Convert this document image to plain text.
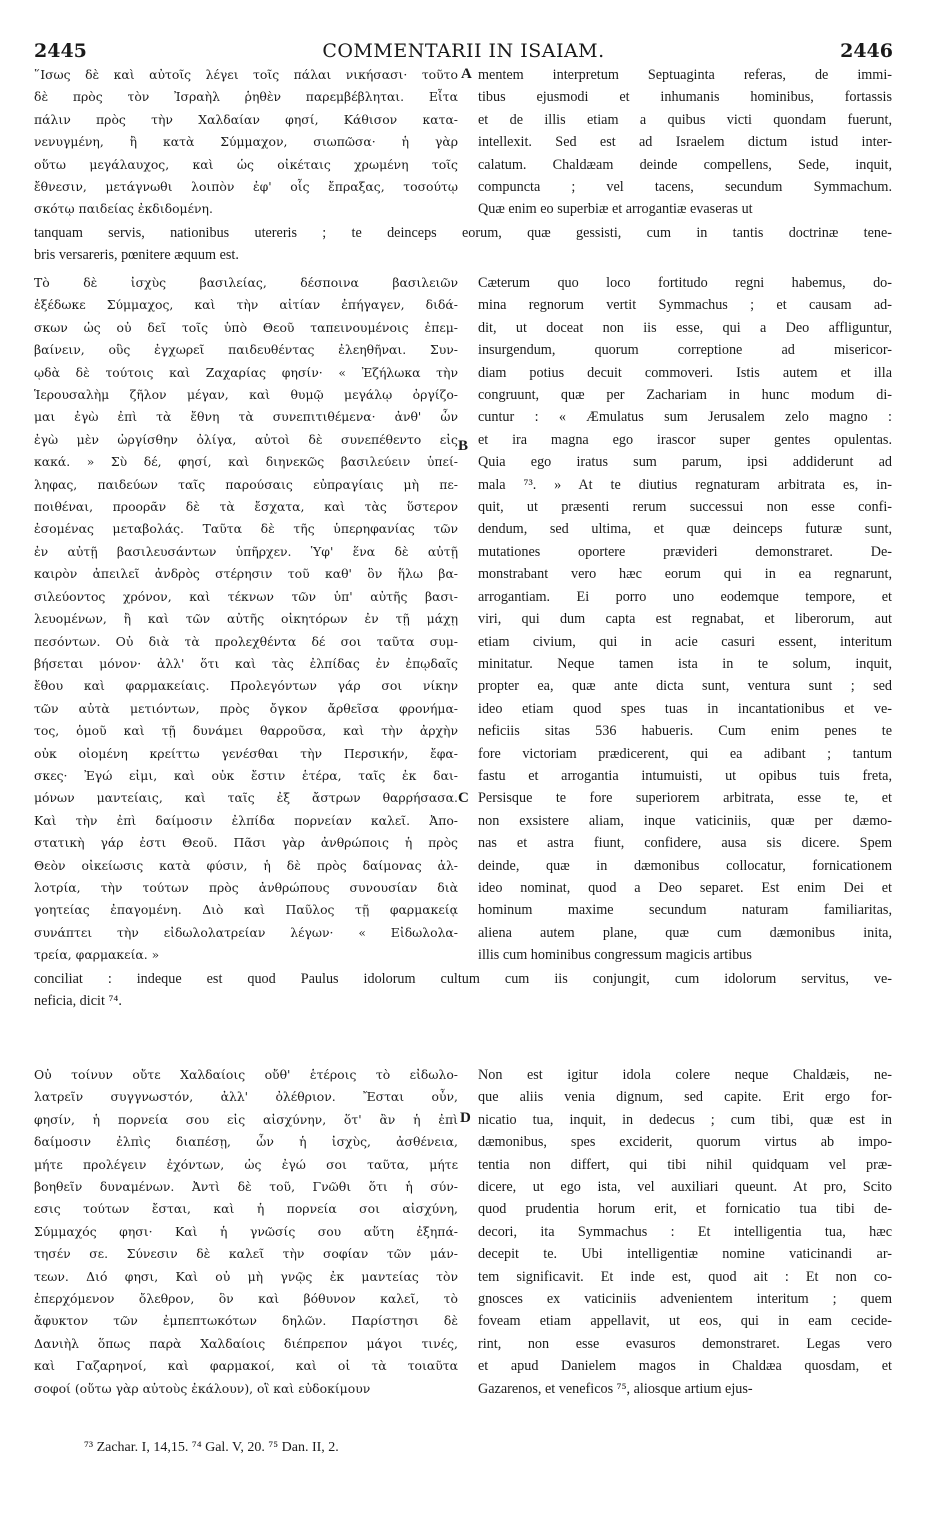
2445	COMMENTARII IN ISAIAM.	2446
῞Ισως δὲ καὶ αὐτοῖς λέγει τοῖς πάλαι νικήσασι· τοῦτο
δὲ πρὸς τὸν Ἰσραὴλ ῥηθὲν παρεμβέβληται. Εἶτα
πάλιν πρὸς τὴν Χαλδαίαν φησί, Κάθισον κατα-
νενυγμένη, ἢ κατὰ Σύμμαχον, σιωπῶσα· ἡ γὰρ
οὕτω μεγάλαυχος, καὶ ὡς οἰκέταις χρωμένη τοῖς
ἔθνεσιν, μετάγνωθι λοιπὸν ἐφ' οἷς ἔπραξας, τοσούτῳ
σκότῳ παιδείας ἐκδιδομένη.
mentem interpretum Septuaginta referas, de immi-
tibus ejusmodi et inhumanis hominibus, fortassis
et de illis etiam a quibus victi quondam fuerunt,
intellexit. Sed est ad Israelem dictum istud inter-
calatum. Chaldæam deinde compellens, Sede, inquit,
compuncta ; vel tacens, secundum Symmachum.
Quæ enim eo superbiæ et arrogantiæ evaseras ut
tanquam servis, nationibus utereris ; te deinceps eorum, quæ gessisti, cum in tantis doctrinæ tene-
bris versareris, pœnitere æquum est.
Τὸ δὲ ἰσχὺς βασιλείας, δέσποινα βασιλειῶν
ἐξέδωκε Σύμμαχος, καὶ τὴν αἰτίαν ἐπήγαγεν, διδά-
σκων ὡς οὐ δεῖ τοῖς ὑπὸ Θεοῦ ταπεινουμένοις ἐπεμ-
βαίνειν, οὓς ἐγχωρεῖ παιδευθέντας ἐλεηθῆναι. Συν-
ῳδὰ δὲ τούτοις καὶ Ζαχαρίας φησίν· « Ἐζήλωκα τὴν
Ἱερουσαλὴμ ζῆλον μέγαν, καὶ θυμῷ μεγάλῳ ὀργίζο-
μαι ἐγὼ ἐπὶ τὰ ἔθνη τὰ συνεπιτιθέμενα· ἀνθ' ὧν
ἐγὼ μὲν ὠργίσθην ὀλίγα, αὐτοὶ δὲ συνεπέθεντο εἰς
κακά. » Σὺ δέ, φησί, καὶ διηνεκῶς βασιλεύειν ὑπεί-
ληφας, παιδεύων ταῖς παρούσαις εὐπραγίαις μὴ πε-
ποιθέναι, προορᾶν δὲ τὰ ἔσχατα, καὶ τὰς ὕστερον
ἐσομένας μεταβολάς. Ταῦτα δὲ τῆς ὑπερηφανίας τῶν
ἐν αὐτῇ βασιλευσάντων ὑπῆρχεν. Ὑφ' ἕνα δὲ αὐτῇ
καιρὸν ἀπειλεῖ ἀνδρὸς στέρησιν τοῦ καθ' ὃν ἥλω βα-
σιλεύοντος χρόνον, καὶ τέκνων τῶν ὑπ' αὐτῆς βασι-
λευομένων, ἢ καὶ τῶν αὐτῆς οἰκητόρων ἐν τῇ μάχῃ
πεσόντων. Οὐ διὰ τὰ προλεχθέντα δέ σοι ταῦτα συμ-
βήσεται μόνον· ἀλλ' ὅτι καὶ τὰς ἐλπίδας ἐν ἐπῳδαῖς
ἔθου καὶ φαρμακείαις. Προλεγόντων γάρ σοι νίκην
τῶν αὐτὰ μετιόντων, πρὸς ὄγκον ἄρθεῖσα φρονήμα-
τος, ὁμοῦ καὶ τῇ δυνάμει θαρροῦσα, καὶ τὴν ἀρχὴν
οὐκ οἰομένη κρείττω γενέσθαι τὴν Περσικήν, ἔφα-
σκες· Ἐγώ εἰμι, καὶ οὐκ ἔστιν ἑτέρα, ταῖς ἐκ δαι-
μόνων μαντείαις, καὶ ταῖς ἐξ ἄστρων θαρρήσασα.
Καὶ τὴν ἐπὶ δαίμοσιν ἐλπίδα πορνείαν καλεῖ. Ἀπο-
στατικὴ γάρ ἐστι Θεοῦ. Πᾶσι γὰρ ἀνθρώποις ἡ πρὸς
Θεὸν οἰκείωσις κατὰ φύσιν, ἡ δὲ πρὸς δαίμονας ἀλ-
λοτρία, τὴν τούτων πρὸς ἀνθρώπους συνουσίαν διὰ
γοητείας ἐπαγομένη. Διὸ καὶ Παῦλος τῇ φαρμακείᾳ
συνάπτει τὴν εἰδωλολατρείαν λέγων· « Εἰδωλολα-
τρεία, φαρμακεία. »
Cæterum quo loco fortitudo regni habemus, do-
mina regnorum vertit Symmachus ; et causam ad-
dit, ut doceat non iis esse, qui a Deo affliguntur,
insurgendum, quorum correptione ad misericor-
diam potius decuit commoveri. Istis autem et illa
congruunt, quæ per Zachariam in hunc modum di-
cuntur : « Æmulatus sum Jerusalem zelo magno :
et ira magna ego irascor super gentes opulentas.
Quia ego iratus sum parum, ipsi addiderunt ad
mala ⁷³. » At te diutius regnaturam arbitrata es, in-
quit, ut præsenti rerum successui non esse confi-
dendum, sed ultima, et quæ deinceps futuræ sunt,
mutationes oportere prævideri demonstraret. De-
monstrabant vero hæc eorum qui in ea regnarunt,
arrogantiam. Ei porro uno eodemque tempore, et
viri, qui dum capta est regnabat, et liberorum, aut
etiam civium, qui in acie casuri essent, interitum
minitatur. Neque tamen ista in te solum, inquit,
propter ea, quæ ante dicta sunt, ventura sunt ; sed
ideo etiam quod spes tuas in incantationibus et ve-
neficiis sitas 536 habueris. Cum enim penes te
fore victoriam prædicerent, qui ea adibant ; tantum
fastu et arrogantia intumuisti, ut opibus tuis freta,
Persisque te fore superiorem arbitrata, esse te, et
non exsistere aliam, inque vaticiniis, quæ per dæmo-
nas et astra fiunt, confidere, ausa sis dicere. Spem
deinde, quæ in dæmonibus collocatur, fornicationem
ideo nominat, quod a Deo separet. Est enim Dei et
hominum maxime secundum naturam familiaritas,
aliena autem plane, quæ cum dæmonibus inita,
illis cum hominibus congressum magicis artibus
conciliat : indeque est quod Paulus idolorum cultum cum iis conjungit, cum idolorum servitus, ve-
neficia, dicit ⁷⁴.
Οὐ τοίνυν οὔτε Χαλδαίοις οὔθ' ἑτέροις τὸ εἰδωλο-
λατρεῖν συγγνωστόν, ἀλλ' ὀλέθριον. Ἔσται οὖν,
φησίν, ἡ πορνεία σου εἰς αἰσχύνην, ὅτ' ἂν ἡ ἐπὶ
δαίμοσιν ἐλπὶς διαπέσῃ, ὧν ἡ ἰσχὺς, ἀσθένεια,
μήτε προλέγειν ἐχόντων, ὡς ἐγώ σοι ταῦτα, μήτε
βοηθεῖν δυναμένων. Ἀντὶ δὲ τοῦ, Γνῶθι ὅτι ἡ σύν-
εσις τούτων ἔσται, καὶ ἡ πορνεία σοι αἰσχύνη,
Σύμμαχός φησι· Καὶ ἡ γνῶσίς σου αὕτη ἐξηπά-
τησέν σε. Σύνεσιν δὲ καλεῖ τὴν σοφίαν τῶν μάν-
τεων. Διό φησι, Καὶ οὐ μὴ γνῷς ἐκ μαντείας τὸν
ἐπερχόμενον ὄλεθρον, ὃν καὶ βόθυνον καλεῖ, τὸ
ἄφυκτον τῶν ἐμπεπτωκότων δηλῶν. Παρίστησι δὲ
Δανιὴλ ὅπως παρὰ Χαλδαίοις διέπρεπον μάγοι τινές,
καὶ Γαζαρηνοί, καὶ φαρμακοί, καὶ οἱ τὰ τοιαῦτα
σοφοί (οὕτω γὰρ αὐτοὺς ἐκάλουν), οἳ καὶ εὐδοκίμουν
Non est igitur idola colere neque Chaldæis, ne-
que aliis venia dignum, sed capite. Erit ergo for-
nicatio tua, inquit, in dedecus ; cum tibi, quæ est in
dæmonibus, spes exciderit, quorum virtus ab impo-
tentia non differt, qui tibi nihil quidquam vel præ-
dicere, ut ego ista, vel auxiliari queunt. At pro, Scito
quod prudentia horum erit, et fornicatio tua tibi de-
decori, ita Symmachus : Et intelligentia tua, hæc
decepit te. Ubi intelligentiæ nomine vaticinandi ar-
tem significavit. Et inde est, quod ait : Et non co-
gnosces ex vaticiniis advenientem interitum ; quem
foveam etiam appellavit, ut eos, qui in eam cecide-
rint, non esse evasuros demonstraret. Legas vero
et apud Danielem magos in Chaldæa quosdam, et
Gazarenos, et veneficos ⁷⁵, aliosque artium ejus-
A
B
C
D
⁷³ Zachar. I, 14,15. ⁷⁴ Gal. V, 20. ⁷⁵ Dan. II, 2.
